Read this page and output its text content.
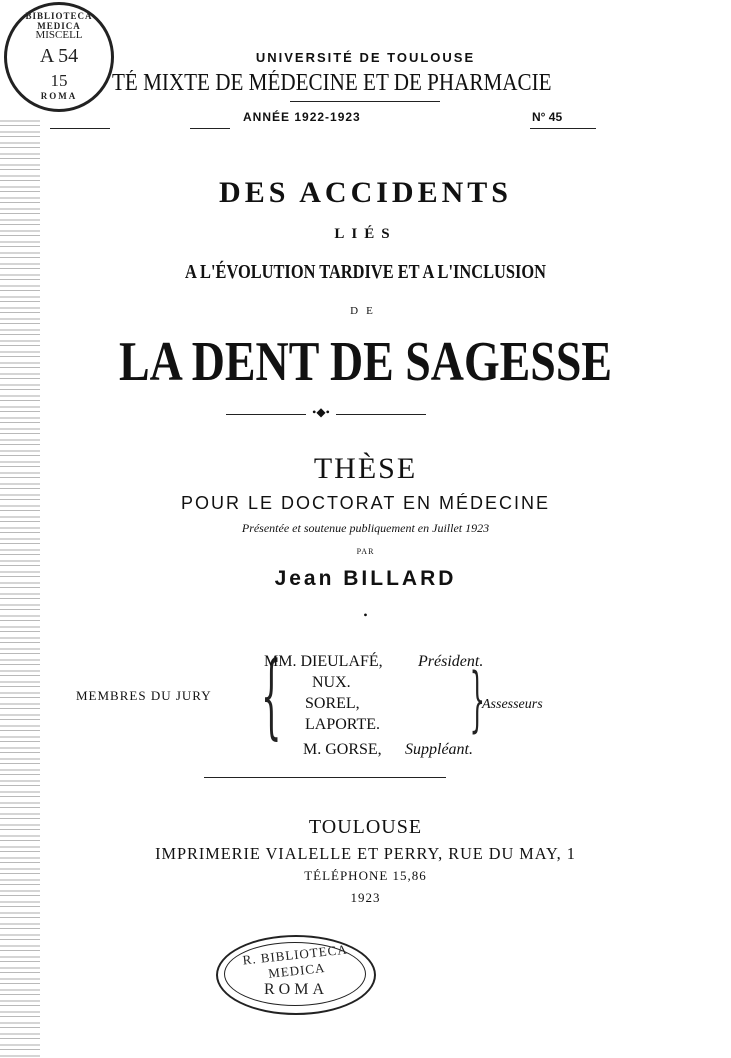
BIBLIOTECA MEDICA
MISCELL
A 54
15
ROMA
UNIVERSITÉ DE TOULOUSE
TÉ MIXTE DE MÉDECINE ET DE PHARMACIE
ANNÉE 1922-1923	N° 45
DES ACCIDENTS
LIÉS
A L'ÉVOLUTION TARDIVE ET A L'INCLUSION
DE
LA DENT DE SAGESSE
•◆•
THÈSE
POUR LE DOCTORAT EN MÉDECINE
Présentée et soutenue publiquement en Juillet 1923
PAR
Jean BILLARD
•
MEMBRES DU JURY {
MM. DIEULAFÉ, Président.
NUX.
SOREL,
LAPORTE. }
Assesseurs
M. GORSE, Suppléant.
TOULOUSE
IMPRIMERIE VIALELLE ET PERRY, RUE DU MAY, 1
TÉLÉPHONE 15,86
1923
R. BIBLIOTECA MEDICA
ROMA
